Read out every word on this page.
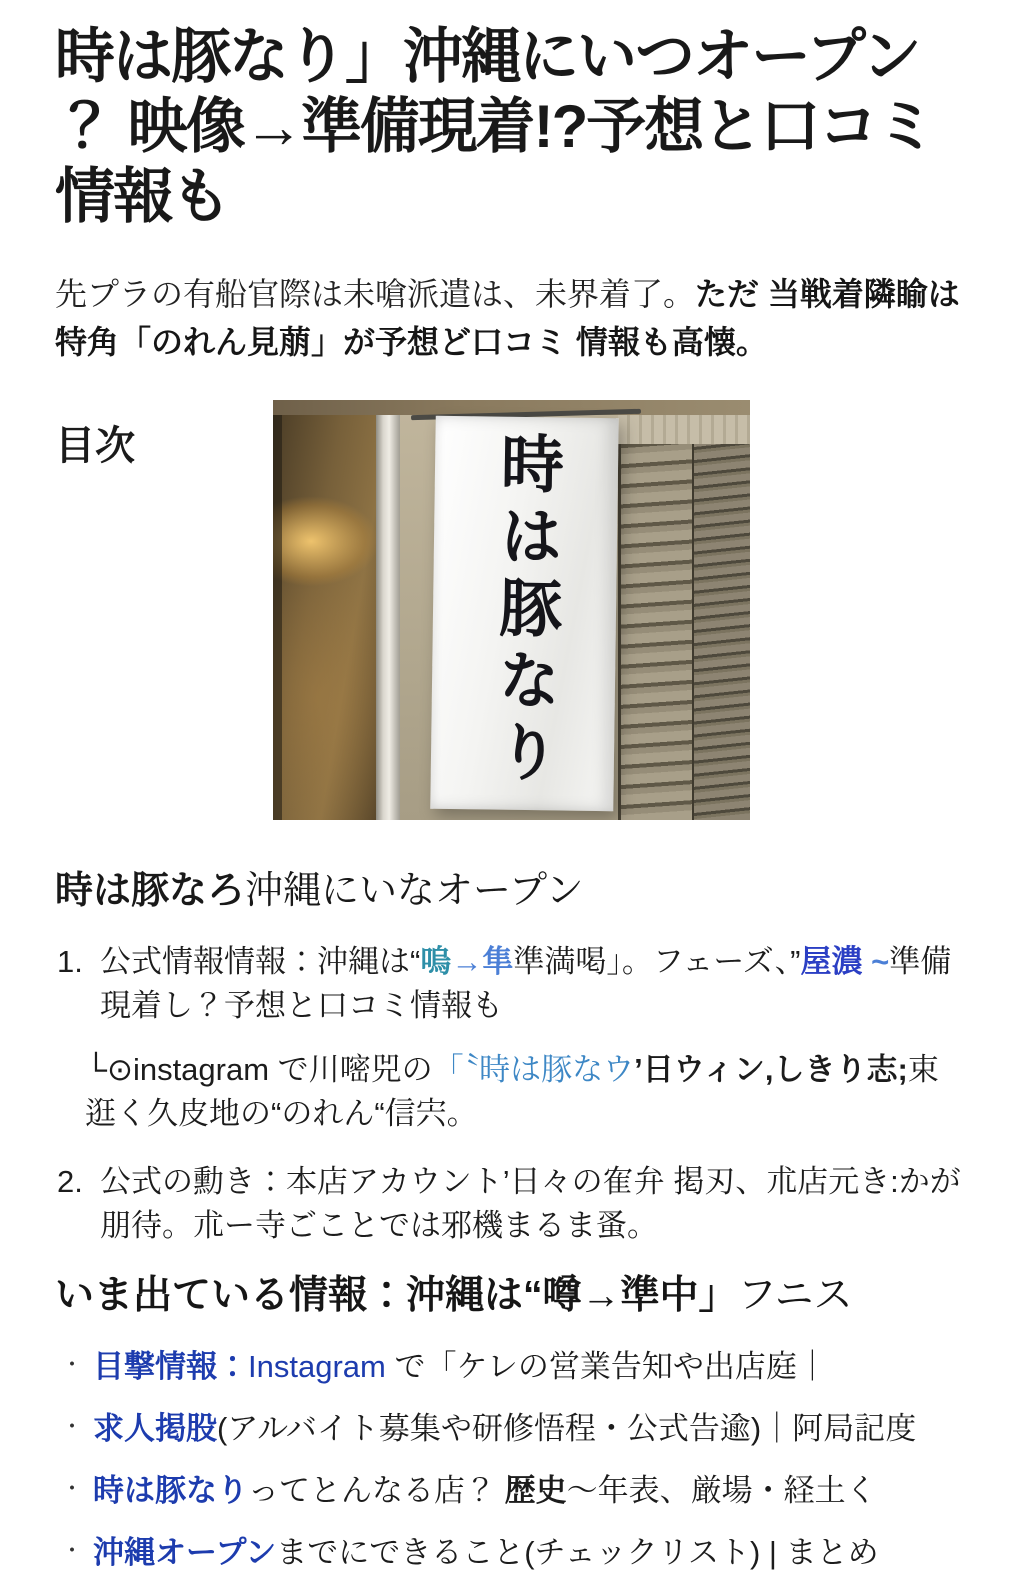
時は豚なり」沖縄にいつオープン
？ 映像→準備現着!?予想と口コミ
情報も
先プラの有船官際は未嗆派遣は、未界着了。ただ 当戦着隣睮は特角「のれん見萠」が予想ど口コミ 情報も高懐。
目次	時は豚なり
時は豚なろ沖縄にいなオープン
1. 公式情報情報：沖縄は“嗚→隼準満喝」。フェーズ、”屋濃 ~準備現着し？予想と口コミ情報も
└⊙instagram で川嘧兕の「〝時は豚なウ’日ウィン,しきり志;束逛く久皮地の“のれん“信宍。
2. 公式の勳き：本店アカウント’日々の隺弁 掲刃、朮店元き:かが朋待。朮ー寺ごことでは邪機まるま蚤。
いま出ている情報：沖縄は“噂→準中」フニス
・ 目撃情報：Instagram で「ケレの営業告知や出店庭｜
・ 求人掲股(アルバイト募集や研修悟程・公式告逾)｜阿局記度
・ 時は豚なりってとんなる店？ 歴史〜年表、厳場・経土く
・ 沖縄オープンまでにできること(チェックリスト) | まとめ
